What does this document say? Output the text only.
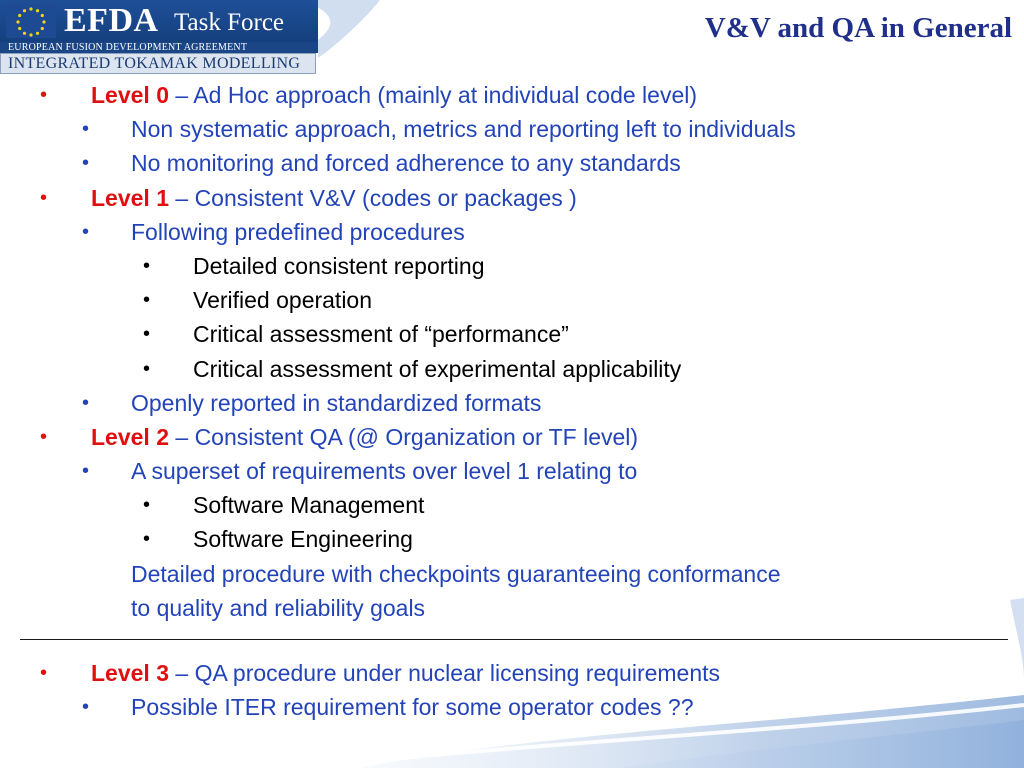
EFDA Task Force
EUROPEAN FUSION DEVELOPMENT AGREEMENT
INTEGRATED TOKAMAK MODELLING
V&V and QA in General
• Level 0 – Ad Hoc approach (mainly at individual code level)
• Non systematic approach, metrics and reporting left to individuals
• No monitoring and forced adherence to any standards
• Level 1 – Consistent V&V (codes or packages )
• Following predefined procedures
• Detailed consistent reporting
• Verified operation
• Critical assessment of “performance”
• Critical assessment of experimental applicability
• Openly reported in standardized formats
• Level 2 – Consistent QA (@ Organization or TF level)
• A superset of requirements over level 1 relating to
• Software Management
• Software Engineering
Detailed procedure with checkpoints guaranteeing conformance
to quality and reliability goals
• Level 3 – QA procedure under nuclear licensing requirements
• Possible ITER requirement for some operator codes ??
